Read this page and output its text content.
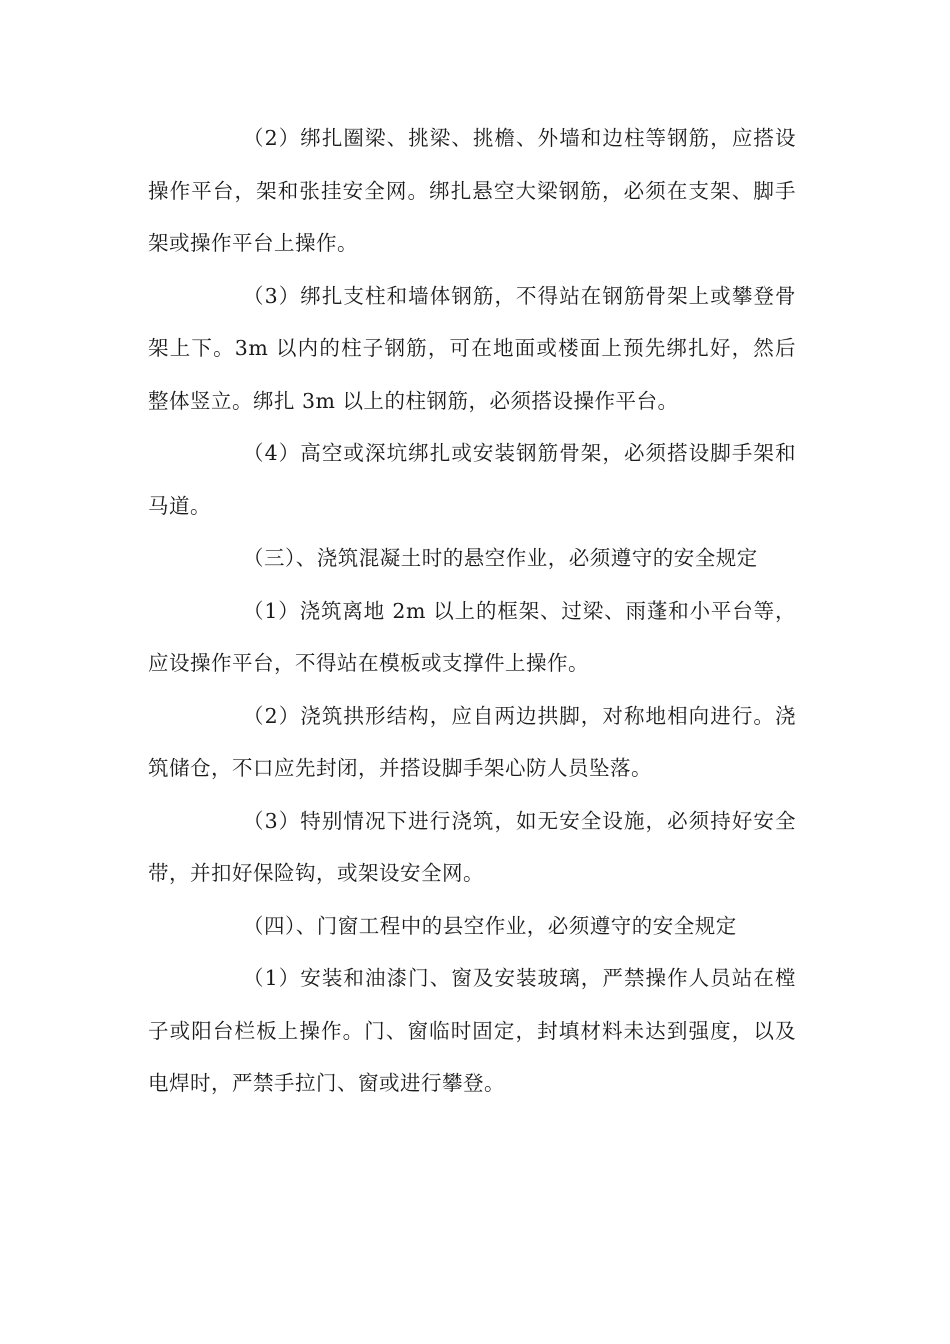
（2）绑扎圈梁、挑梁、挑檐、外墙和边柱等钢筋，应搭设操作平台，架和张挂安全网。绑扎悬空大梁钢筋，必须在支架、脚手架或操作平台上操作。

（3）绑扎支柱和墙体钢筋，不得站在钢筋骨架上或攀登骨架上下。3m 以内的柱子钢筋，可在地面或楼面上预先绑扎好，然后整体竖立。绑扎 3m 以上的柱钢筋，必须搭设操作平台。

（4）高空或深坑绑扎或安装钢筋骨架，必须搭设脚手架和马道。

（三）、浇筑混凝土时的悬空作业，必须遵守的安全规定

（1）浇筑离地 2m 以上的框架、过梁、雨蓬和小平台等，应设操作平台，不得站在模板或支撑件上操作。

（2）浇筑拱形结构，应自两边拱脚，对称地相向进行。浇筑储仓，不口应先封闭，并搭设脚手架心防人员坠落。

（3）特别情况下进行浇筑，如无安全设施，必须持好安全带，并扣好保险钩，或架设安全网。

（四）、门窗工程中的县空作业，必须遵守的安全规定

（1）安装和油漆门、窗及安装玻璃，严禁操作人员站在樘子或阳台栏板上操作。门、窗临时固定，封填材料未达到强度，以及电焊时，严禁手拉门、窗或进行攀登。
